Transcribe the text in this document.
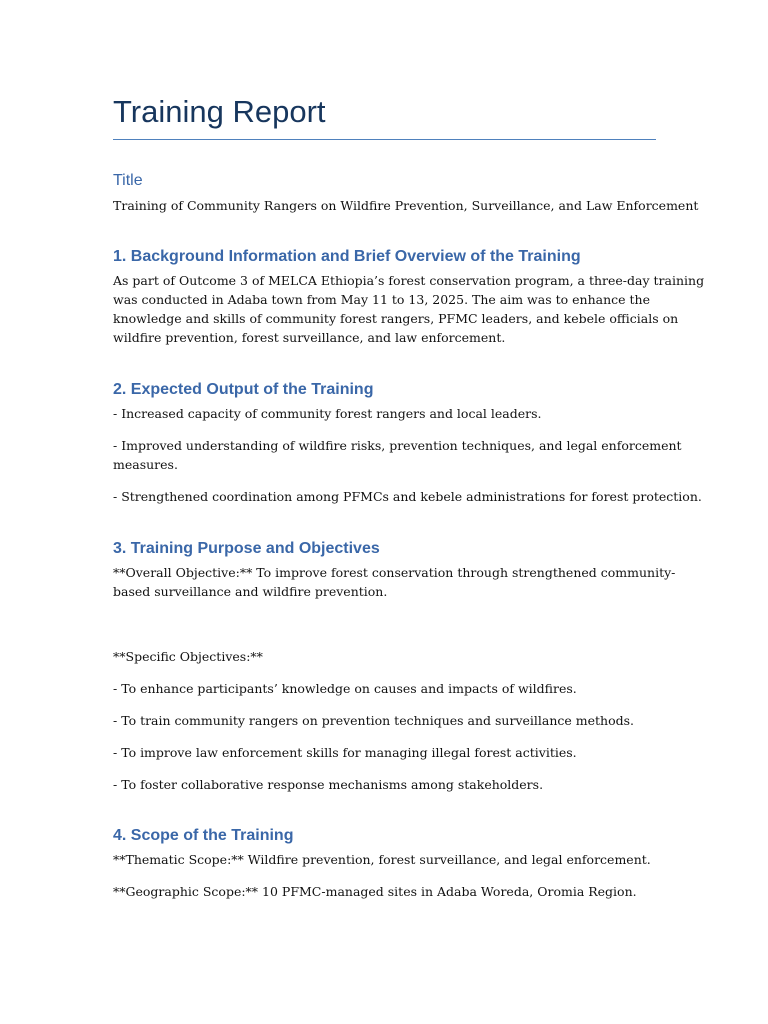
Training Report
Title
Training of Community Rangers on Wildfire Prevention, Surveillance, and Law Enforcement
1. Background Information and Brief Overview of the Training
As part of Outcome 3 of MELCA Ethiopia’s forest conservation program, a three-day training
was conducted in Adaba town from May 11 to 13, 2025. The aim was to enhance the
knowledge and skills of community forest rangers, PFMC leaders, and kebele officials on
wildfire prevention, forest surveillance, and law enforcement.
2. Expected Output of the Training
- Increased capacity of community forest rangers and local leaders.
- Improved understanding of wildfire risks, prevention techniques, and legal enforcement
measures.
- Strengthened coordination among PFMCs and kebele administrations for forest protection.
3. Training Purpose and Objectives
**Overall Objective:** To improve forest conservation through strengthened community-
based surveillance and wildfire prevention.
**Specific Objectives:**
- To enhance participants’ knowledge on causes and impacts of wildfires.
- To train community rangers on prevention techniques and surveillance methods.
- To improve law enforcement skills for managing illegal forest activities.
- To foster collaborative response mechanisms among stakeholders.
4. Scope of the Training
**Thematic Scope:** Wildfire prevention, forest surveillance, and legal enforcement.
**Geographic Scope:** 10 PFMC-managed sites in Adaba Woreda, Oromia Region.
